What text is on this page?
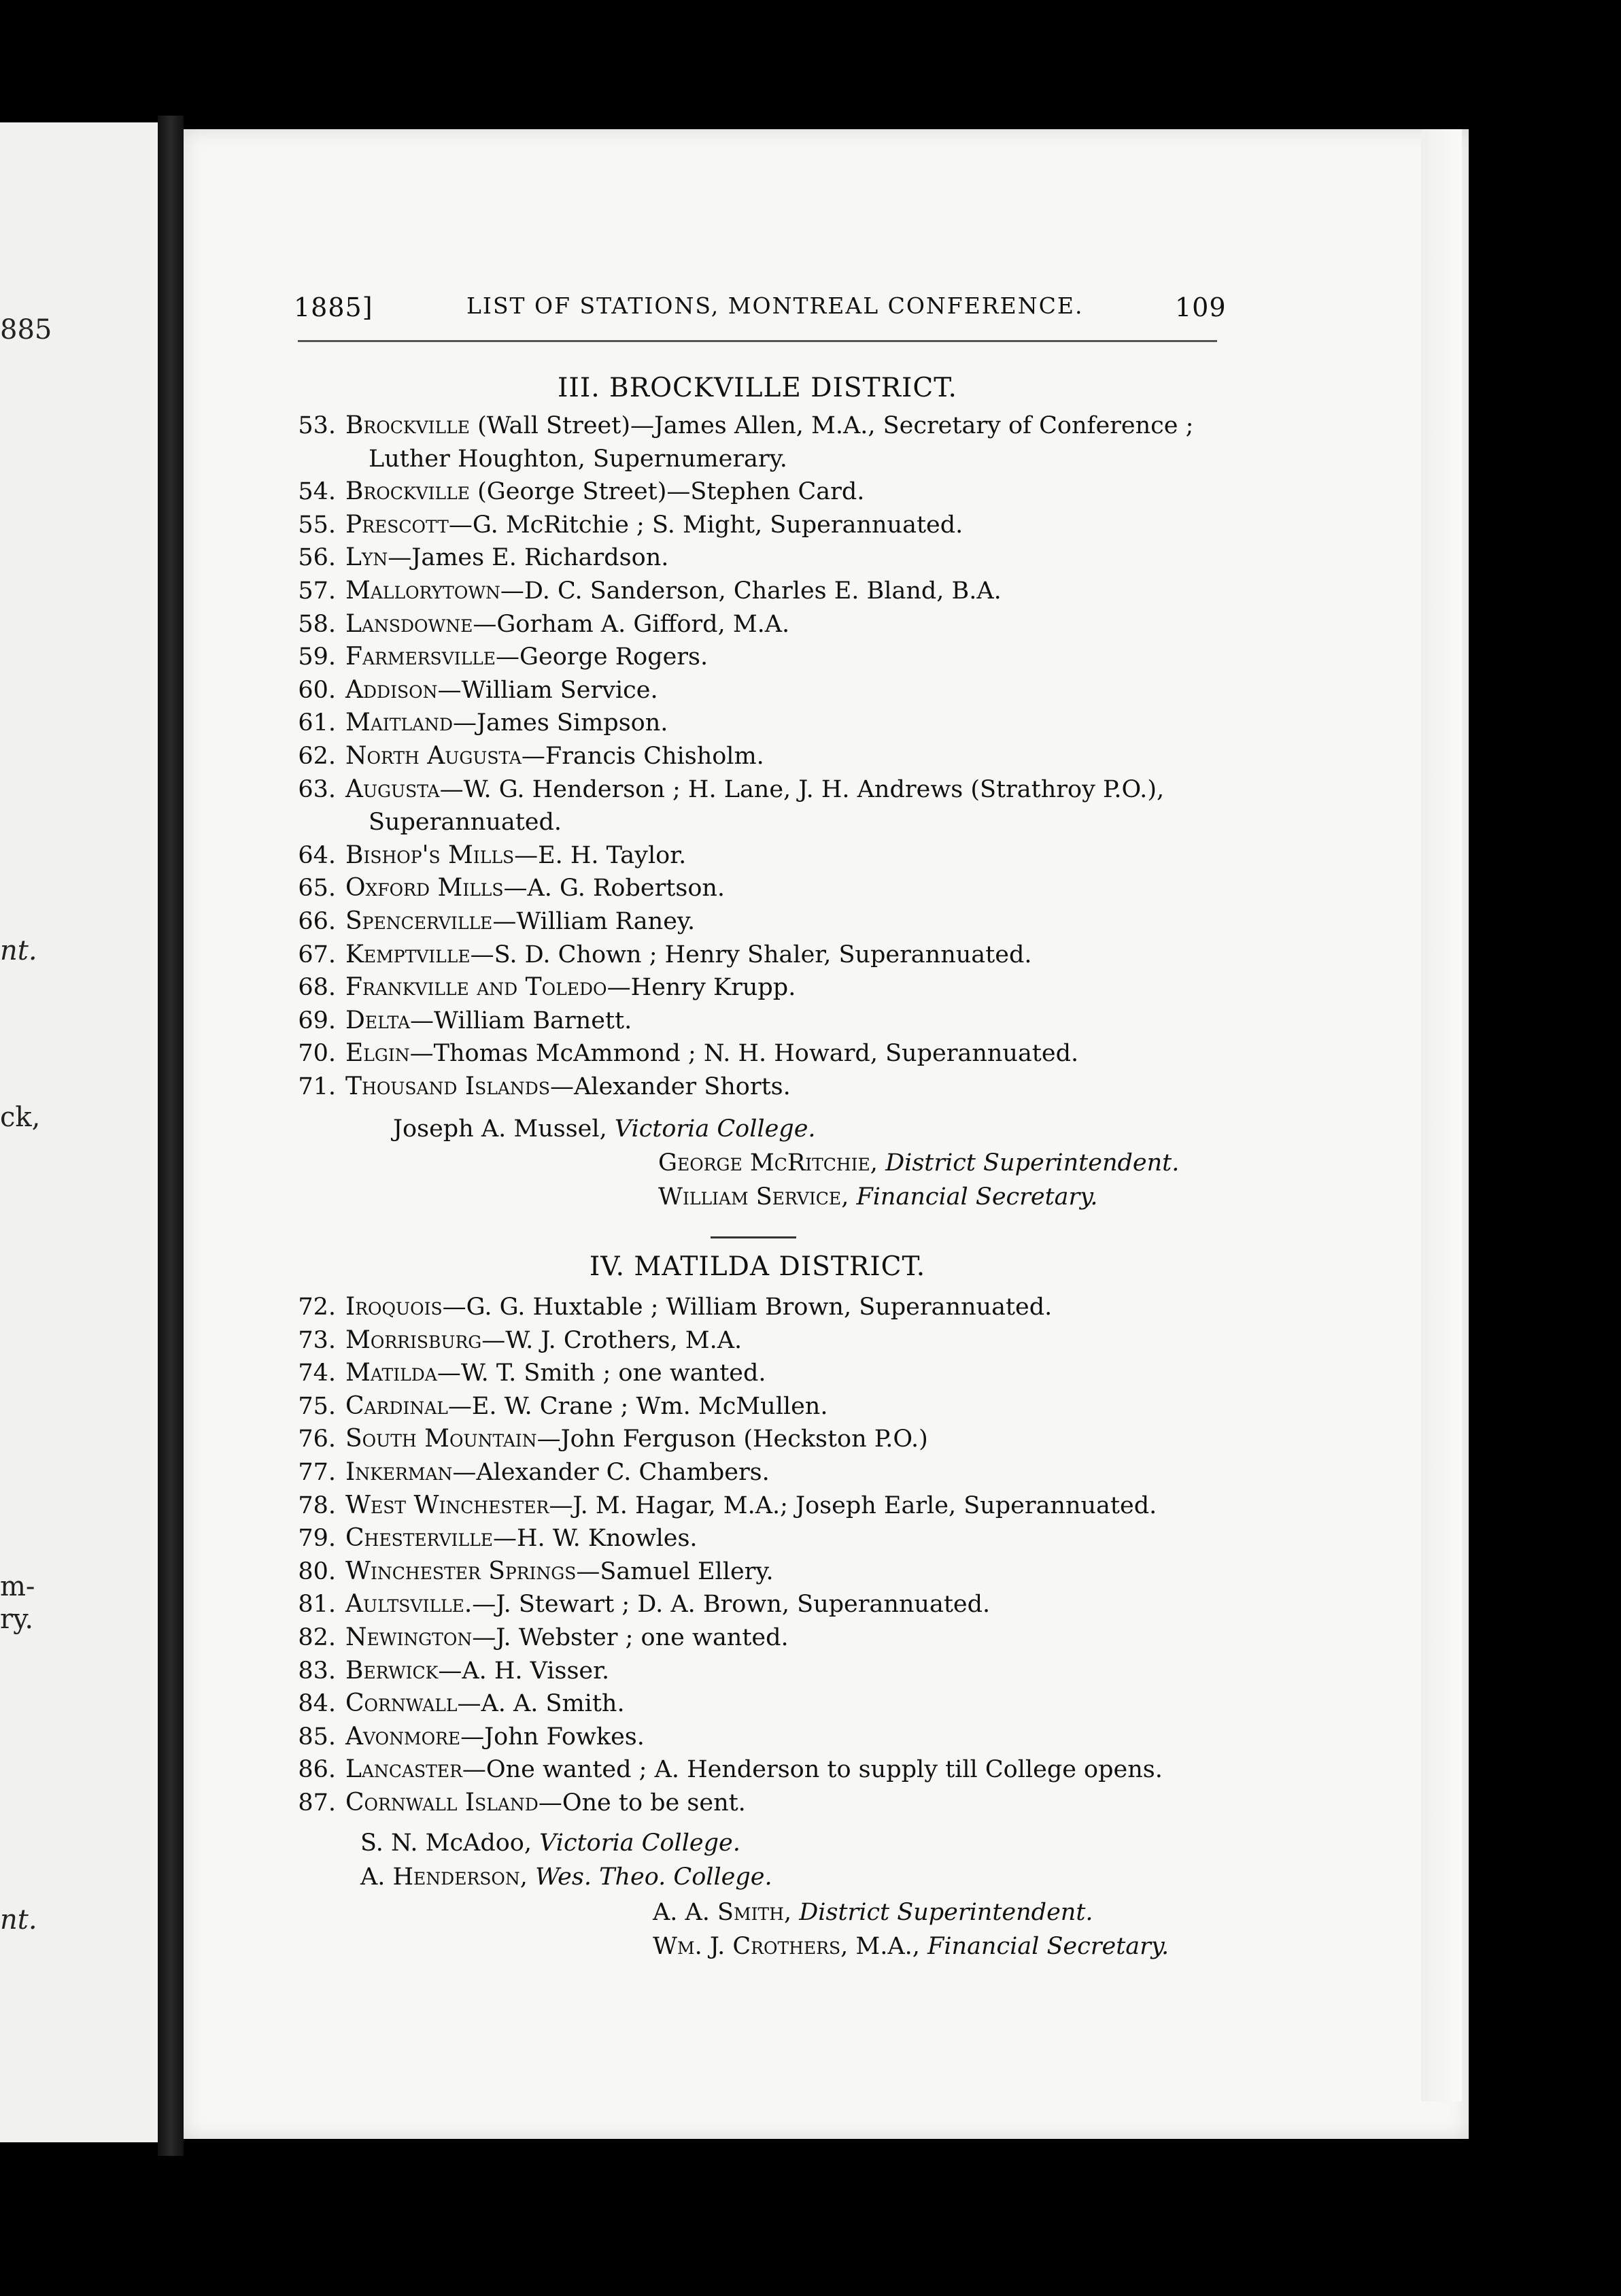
885
nt.
ck,
m-
ry.
nt.
1885]	LIST OF STATIONS, MONTREAL CONFERENCE.	109
III. BROCKVILLE DISTRICT.
53. Brockville (Wall Street)—James Allen, M.A., Secretary of Conference ;
Luther Houghton, Supernumerary.
54. Brockville (George Street)—Stephen Card.
55. Prescott—G. McRitchie ; S. Might, Superannuated.
56. Lyn—James E. Richardson.
57. Mallorytown—D. C. Sanderson, Charles E. Bland, B.A.
58. Lansdowne—Gorham A. Gifford, M.A.
59. Farmersville—George Rogers.
60. Addison—William Service.
61. Maitland—James Simpson.
62. North Augusta—Francis Chisholm.
63. Augusta—W. G. Henderson ; H. Lane, J. H. Andrews (Strathroy P.O.),
Superannuated.
64. Bishop's Mills—E. H. Taylor.
65. Oxford Mills—A. G. Robertson.
66. Spencerville—William Raney.
67. Kemptville—S. D. Chown ; Henry Shaler, Superannuated.
68. Frankville and Toledo—Henry Krupp.
69. Delta—William Barnett.
70. Elgin—Thomas McAmmond ; N. H. Howard, Superannuated.
71. Thousand Islands—Alexander Shorts.
Joseph A. Mussel, Victoria College.
George McRitchie, District Superintendent.
William Service, Financial Secretary.
IV. MATILDA DISTRICT.
72. Iroquois—G. G. Huxtable ; William Brown, Superannuated.
73. Morrisburg—W. J. Crothers, M.A.
74. Matilda—W. T. Smith ; one wanted.
75. Cardinal—E. W. Crane ; Wm. McMullen.
76. South Mountain—John Ferguson (Heckston P.O.)
77. Inkerman—Alexander C. Chambers.
78. West Winchester—J. M. Hagar, M.A.; Joseph Earle, Superannuated.
79. Chesterville—H. W. Knowles.
80. Winchester Springs—Samuel Ellery.
81. Aultsville.—J. Stewart ; D. A. Brown, Superannuated.
82. Newington—J. Webster ; one wanted.
83. Berwick—A. H. Visser.
84. Cornwall—A. A. Smith.
85. Avonmore—John Fowkes.
86. Lancaster—One wanted ; A. Henderson to supply till College opens.
87. Cornwall Island—One to be sent.
S. N. McAdoo, Victoria College.
A. Henderson, Wes. Theo. College.
A. A. Smith, District Superintendent.
Wm. J. Crothers, M.A., Financial Secretary.
